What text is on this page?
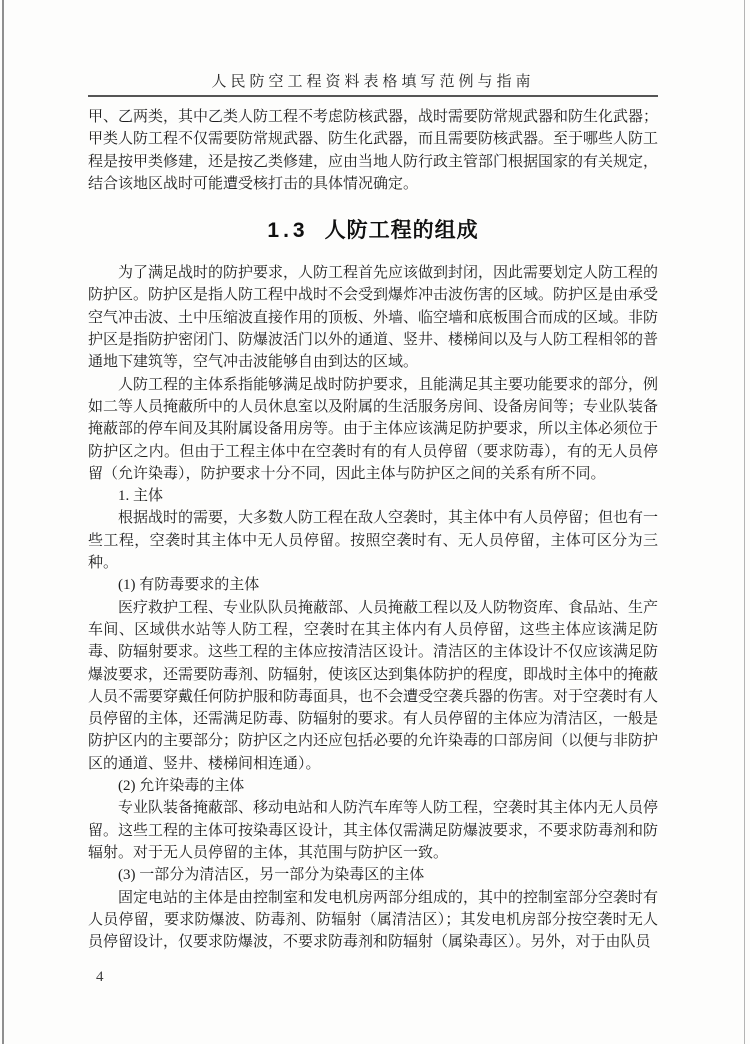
人民防空工程资料表格填写范例与指南

甲、乙两类，其中乙类人防工程不考虑防核武器，战时需要防常规武器和防生化武器；甲类人防工程不仅需要防常规武器、防生化武器，而且需要防核武器。至于哪些人防工程是按甲类修建，还是按乙类修建，应由当地人防行政主管部门根据国家的有关规定，结合该地区战时可能遭受核打击的具体情况确定。

1.3 人防工程的组成

为了满足战时的防护要求，人防工程首先应该做到封闭，因此需要划定人防工程的防护区。防护区是指人防工程中战时不会受到爆炸冲击波伤害的区域。防护区是由承受空气冲击波、土中压缩波直接作用的顶板、外墙、临空墙和底板围合而成的区域。非防护区是指防护密闭门、防爆波活门以外的通道、竖井、楼梯间以及与人防工程相邻的普通地下建筑等，空气冲击波能够自由到达的区域。

人防工程的主体系指能够满足战时防护要求，且能满足其主要功能要求的部分，例如二等人员掩蔽所中的人员休息室以及附属的生活服务房间、设备房间等；专业队装备掩蔽部的停车间及其附属设备用房等。由于主体应该满足防护要求，所以主体必须位于防护区之内。但由于工程主体中在空袭时有的有人员停留（要求防毒），有的无人员停留（允许染毒），防护要求十分不同，因此主体与防护区之间的关系有所不同。

1. 主体

根据战时的需要，大多数人防工程在敌人空袭时，其主体中有人员停留；但也有一些工程，空袭时其主体中无人员停留。按照空袭时有、无人员停留，主体可区分为三种。

(1) 有防毒要求的主体

医疗救护工程、专业队队员掩蔽部、人员掩蔽工程以及人防物资库、食品站、生产车间、区域供水站等人防工程，空袭时在其主体内有人员停留，这些主体应该满足防毒、防辐射要求。这些工程的主体应按清洁区设计。清洁区的主体设计不仅应该满足防爆波要求，还需要防毒剂、防辐射，使该区达到集体防护的程度，即战时主体中的掩蔽人员不需要穿戴任何防护服和防毒面具，也不会遭受空袭兵器的伤害。对于空袭时有人员停留的主体，还需满足防毒、防辐射的要求。有人员停留的主体应为清洁区，一般是防护区内的主要部分；防护区之内还应包括必要的允许染毒的口部房间（以便与非防护区的通道、竖井、楼梯间相连通）。

(2) 允许染毒的主体

专业队装备掩蔽部、移动电站和人防汽车库等人防工程，空袭时其主体内无人员停留。这些工程的主体可按染毒区设计，其主体仅需满足防爆波要求，不要求防毒剂和防辐射。对于无人员停留的主体，其范围与防护区一致。

(3) 一部分为清洁区，另一部分为染毒区的主体

固定电站的主体是由控制室和发电机房两部分组成的，其中的控制室部分空袭时有人员停留，要求防爆波、防毒剂、防辐射（属清洁区）；其发电机房部分按空袭时无人员停留设计，仅要求防爆波，不要求防毒剂和防辐射（属染毒区）。另外，对于由队员

4
